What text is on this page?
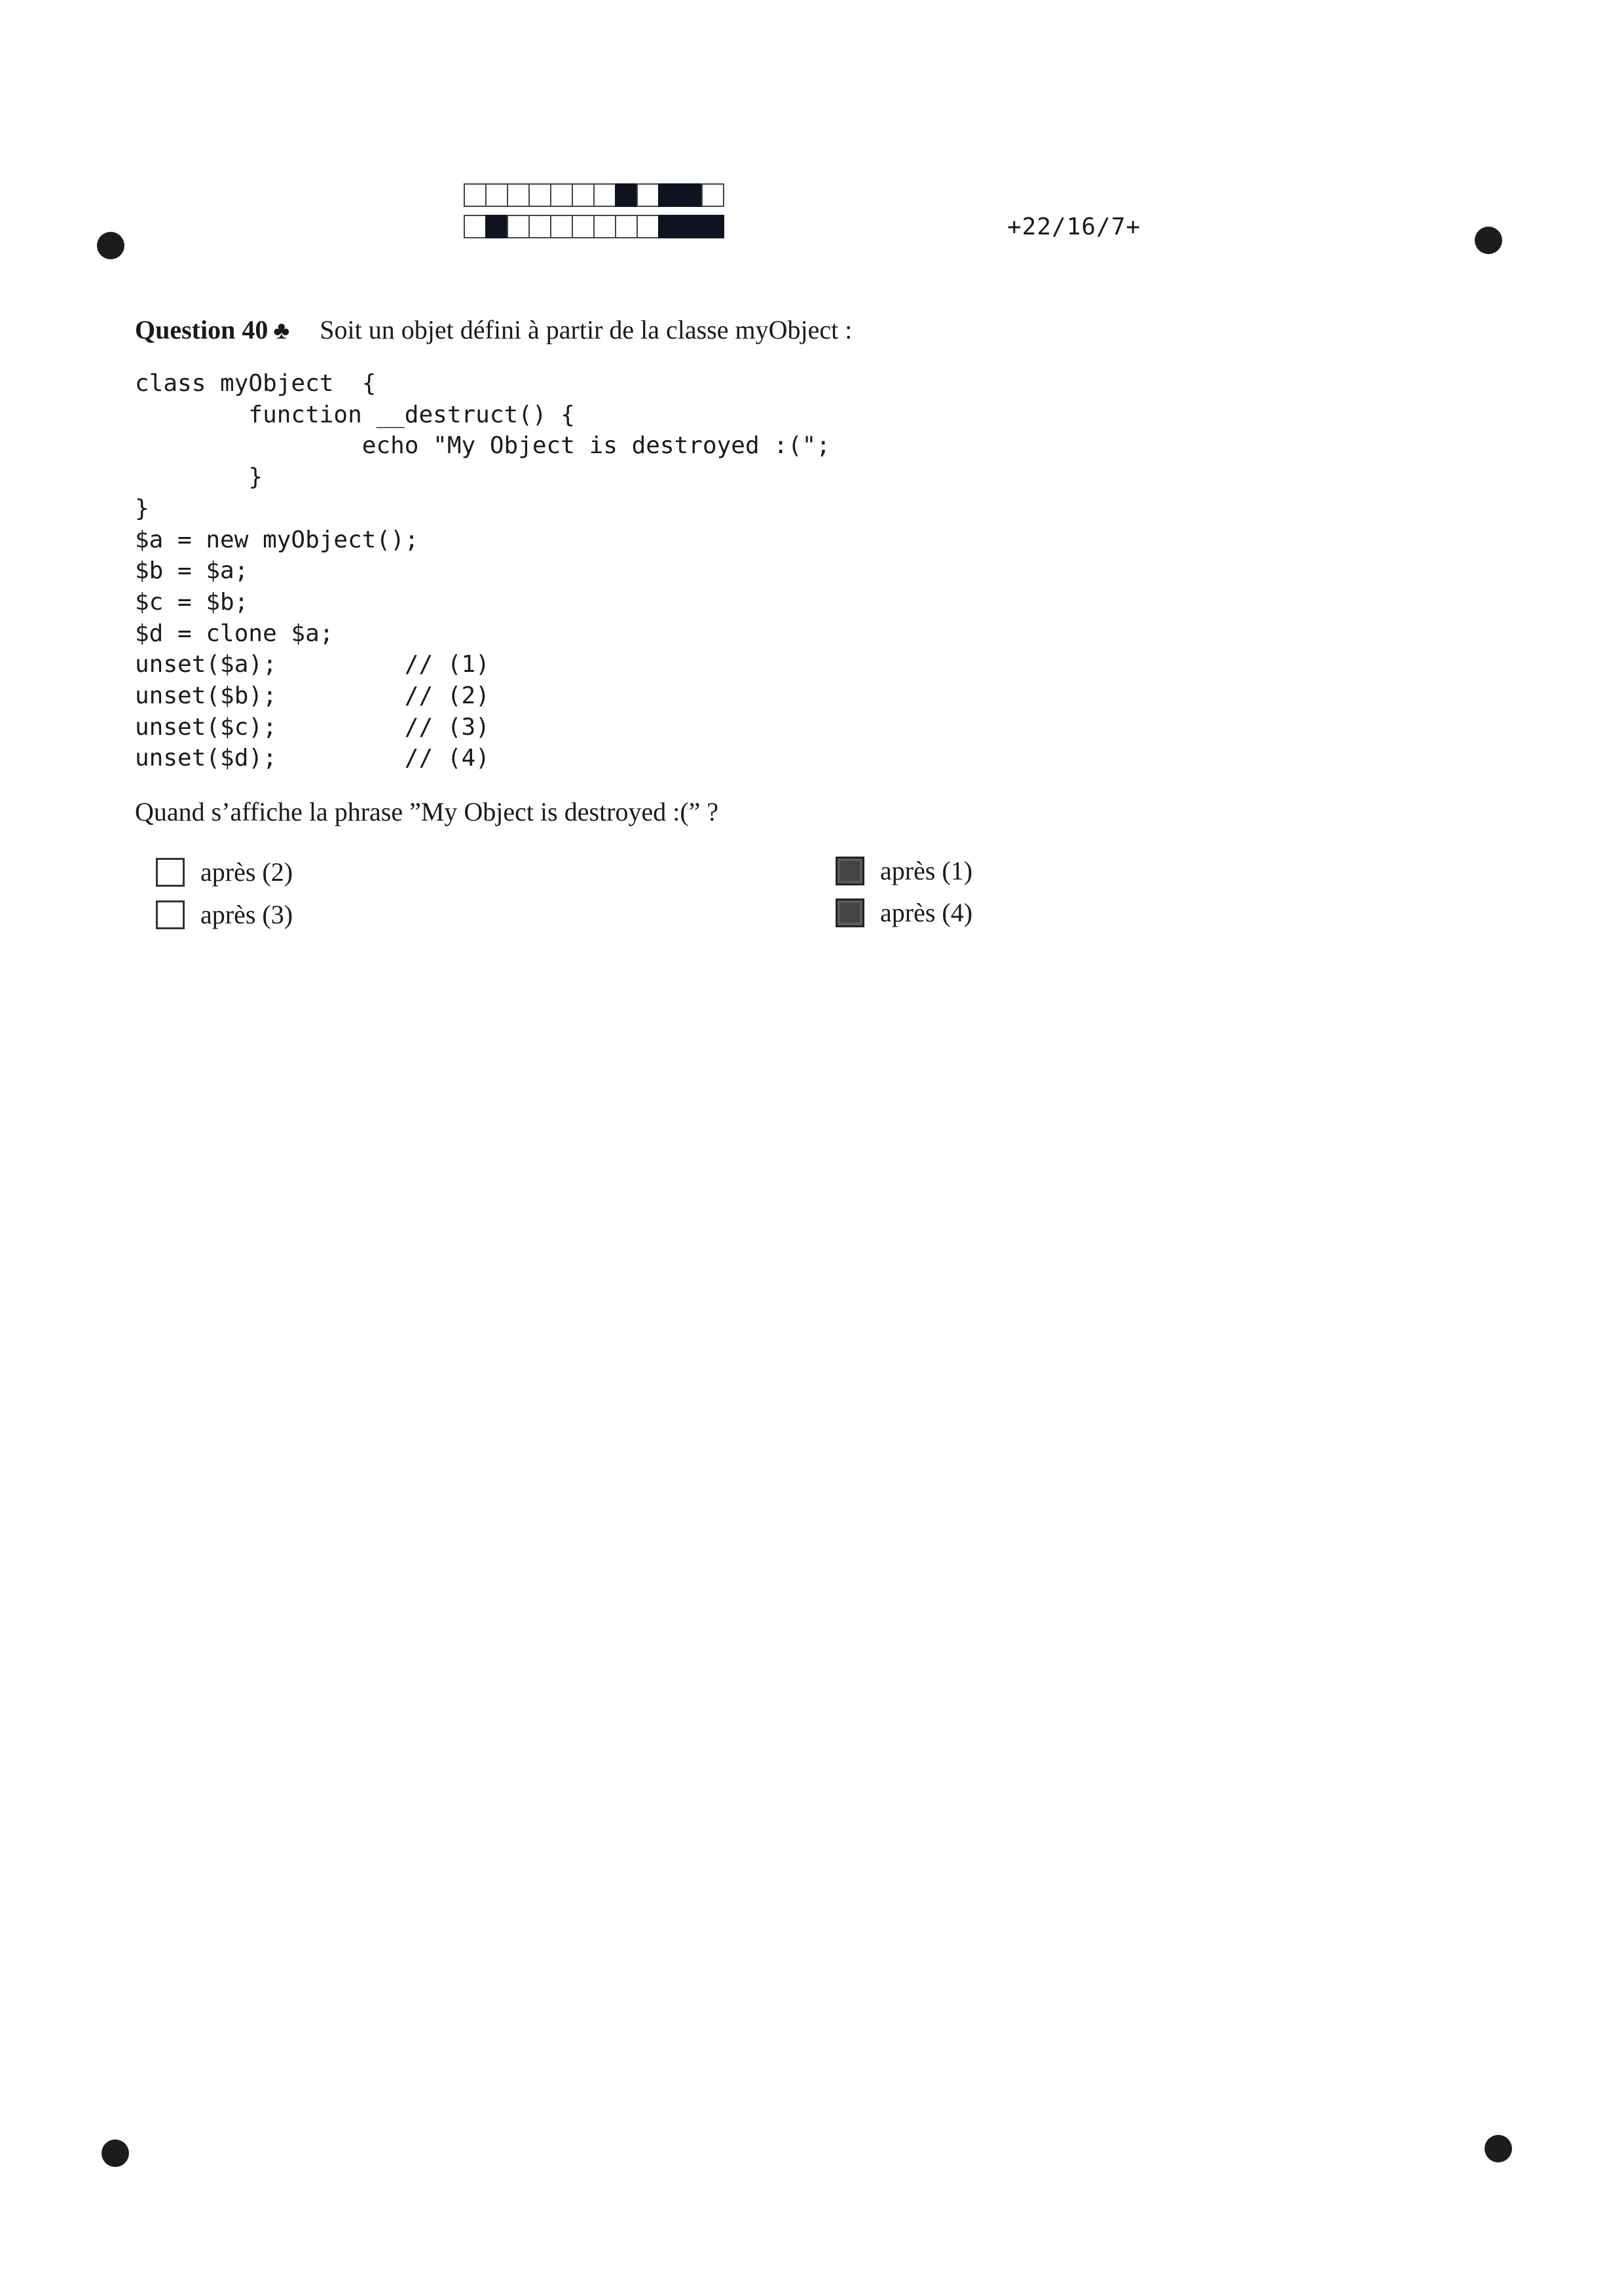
+22/16/7+
Question 40 ♣ Soit un objet défini à partir de la classe myObject :
class myObject  {
function __destruct() {
echo "My Object is destroyed :(";
}
}
$a = new myObject();
$b = $a;
$c = $b;
$d = clone $a;
unset($a);         // (1)
unset($b);         // (2)
unset($c);         // (3)
unset($d);         // (4)
Quand s’affiche la phrase ”My Object is destroyed :(” ?
après (2)
après (3)
après (1)
après (4)
